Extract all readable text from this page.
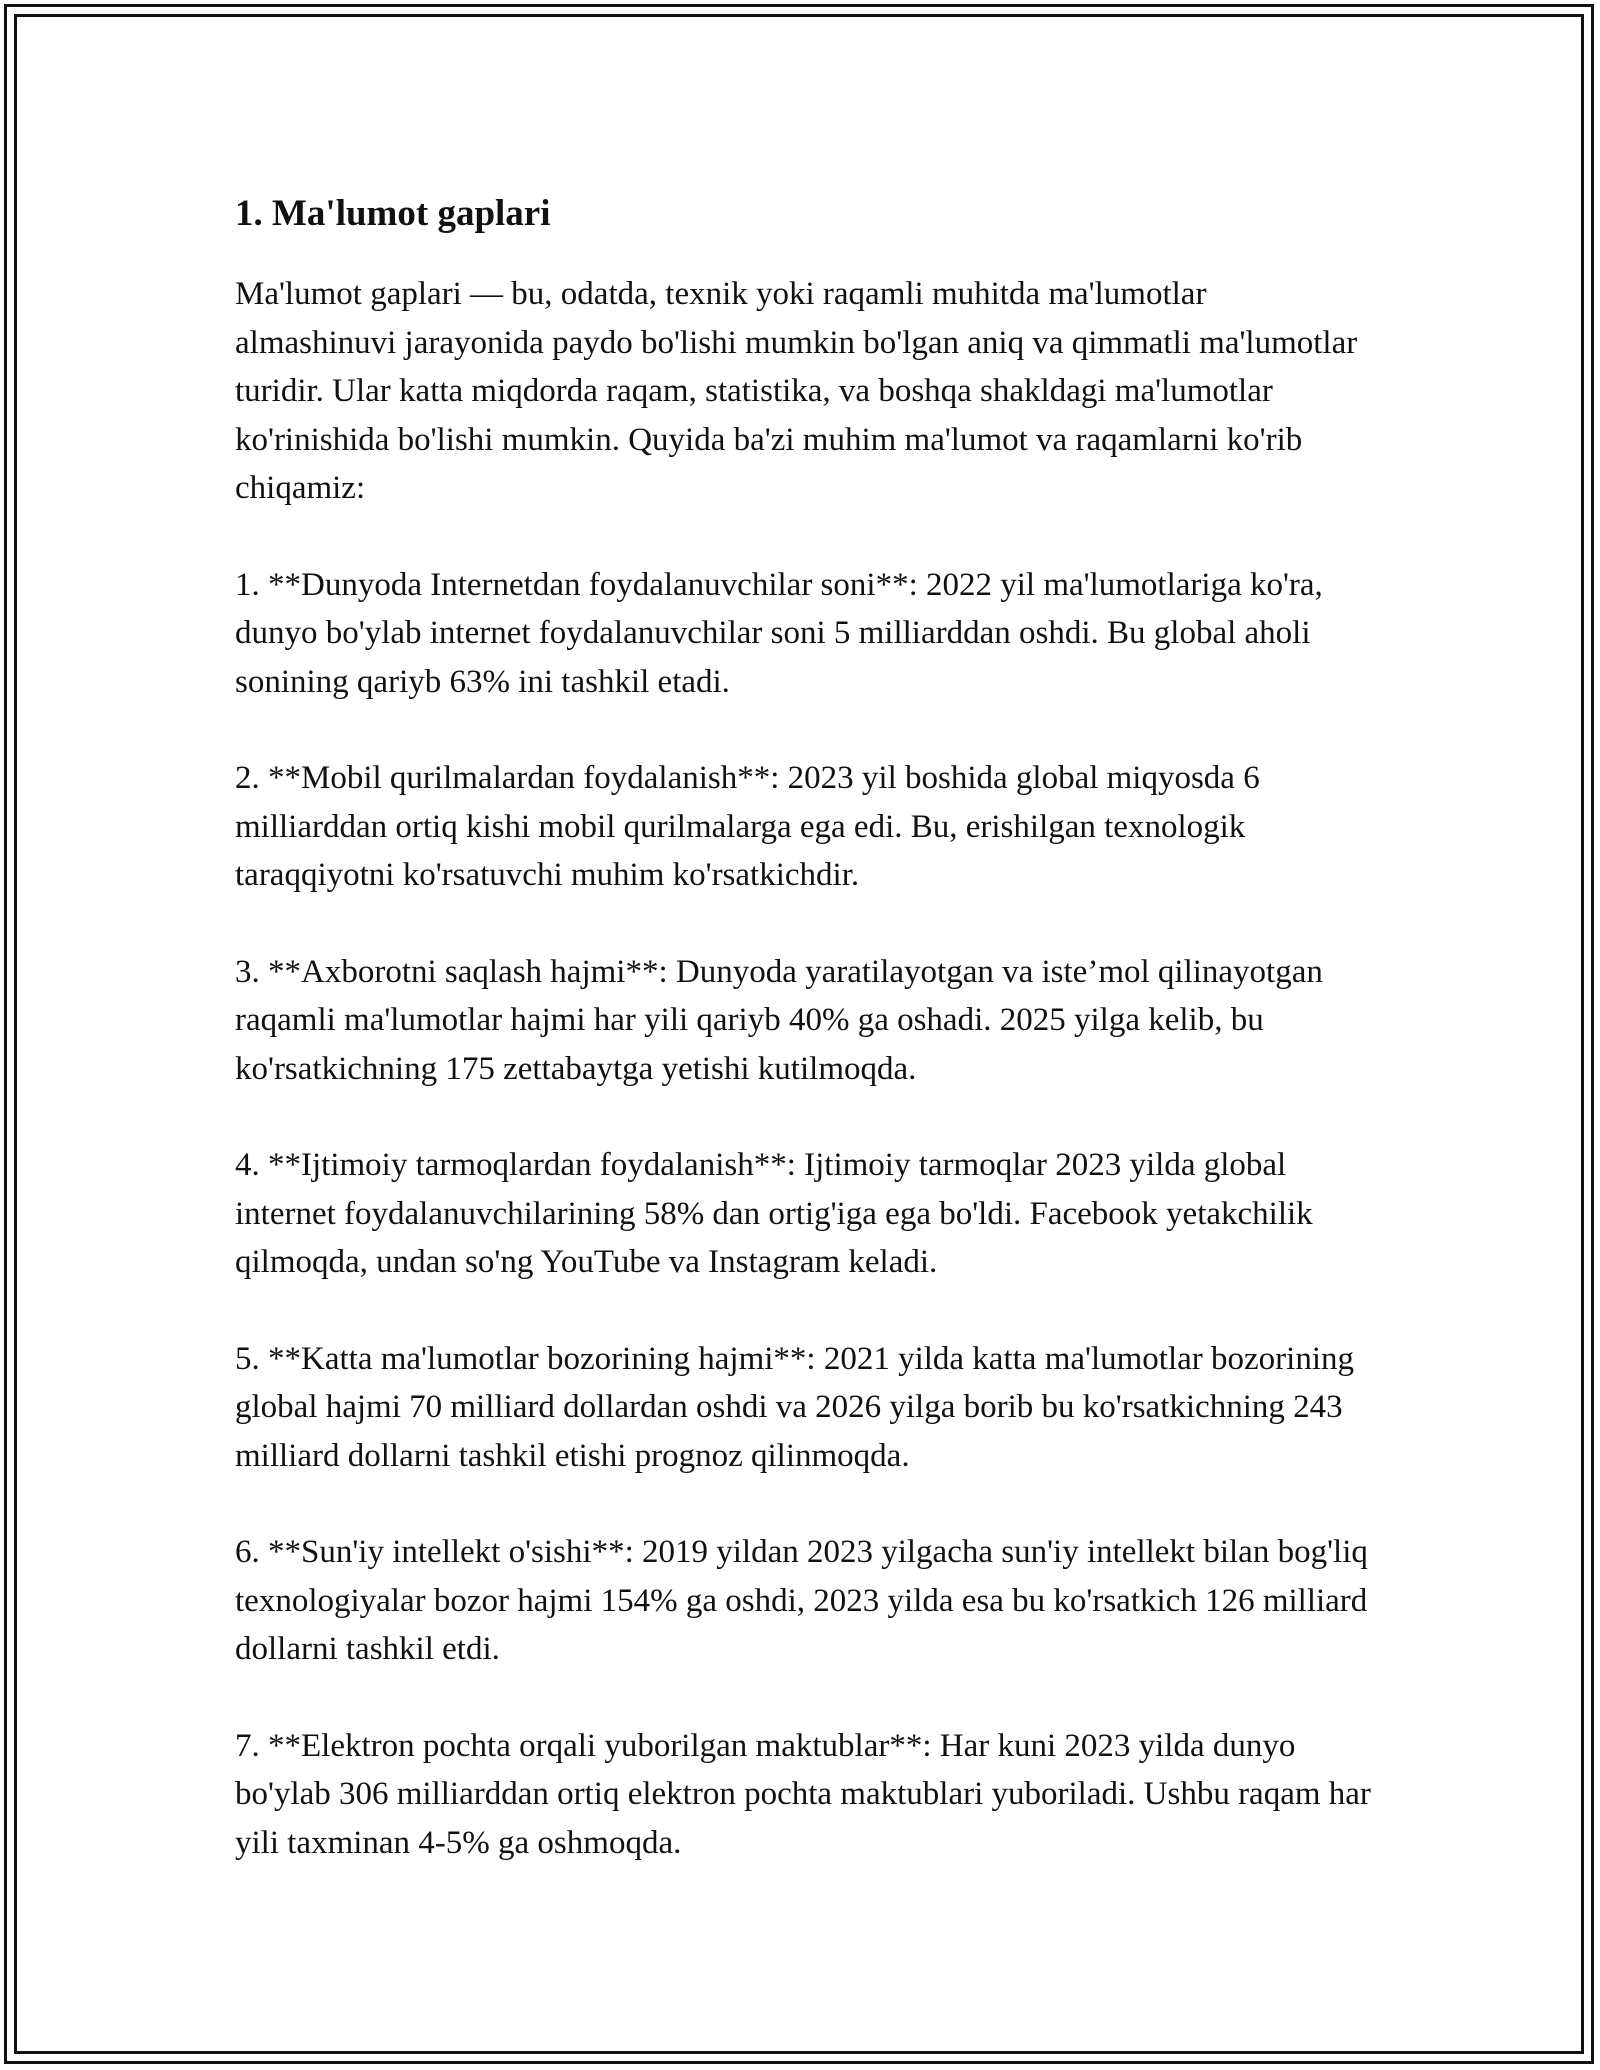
1. Ma'lumot gaplari

Ma'lumot gaplari — bu, odatda, texnik yoki raqamli muhitda ma'lumotlar almashinuvi jarayonida paydo bo'lishi mumkin bo'lgan aniq va qimmatli ma'lumotlar turidir. Ular katta miqdorda raqam, statistika, va boshqa shakldagi ma'lumotlar ko'rinishida bo'lishi mumkin. Quyida ba'zi muhim ma'lumot va raqamlarni ko'rib chiqamiz:

1. **Dunyoda Internetdan foydalanuvchilar soni**: 2022 yil ma'lumotlariga ko'ra, dunyo bo'ylab internet foydalanuvchilar soni 5 milliarddan oshdi. Bu global aholi sonining qariyb 63% ini tashkil etadi.

2. **Mobil qurilmalardan foydalanish**: 2023 yil boshida global miqyosda 6 milliarddan ortiq kishi mobil qurilmalarga ega edi. Bu, erishilgan texnologik taraqqiyotni ko'rsatuvchi muhim ko'rsatkichdir.

3. **Axborotni saqlash hajmi**: Dunyoda yaratilayotgan va iste’mol qilinayotgan raqamli ma'lumotlar hajmi har yili qariyb 40% ga oshadi. 2025 yilga kelib, bu ko'rsatkichning 175 zettabaytga yetishi kutilmoqda.

4. **Ijtimoiy tarmoqlardan foydalanish**: Ijtimoiy tarmoqlar 2023 yilda global internet foydalanuvchilarining 58% dan ortig'iga ega bo'ldi. Facebook yetakchilik qilmoqda, undan so'ng YouTube va Instagram keladi.

5. **Katta ma'lumotlar bozorining hajmi**: 2021 yilda katta ma'lumotlar bozorining global hajmi 70 milliard dollardan oshdi va 2026 yilga borib bu ko'rsatkichning 243 milliard dollarni tashkil etishi prognoz qilinmoqda.

6. **Sun'iy intellekt o'sishi**: 2019 yildan 2023 yilgacha sun'iy intellekt bilan bog'liq texnologiyalar bozor hajmi 154% ga oshdi, 2023 yilda esa bu ko'rsatkich 126 milliard dollarni tashkil etdi.

7. **Elektron pochta orqali yuborilgan maktublar**: Har kuni 2023 yilda dunyo bo'ylab 306 milliarddan ortiq elektron pochta maktublari yuboriladi. Ushbu raqam har yili taxminan 4-5% ga oshmoqda.
